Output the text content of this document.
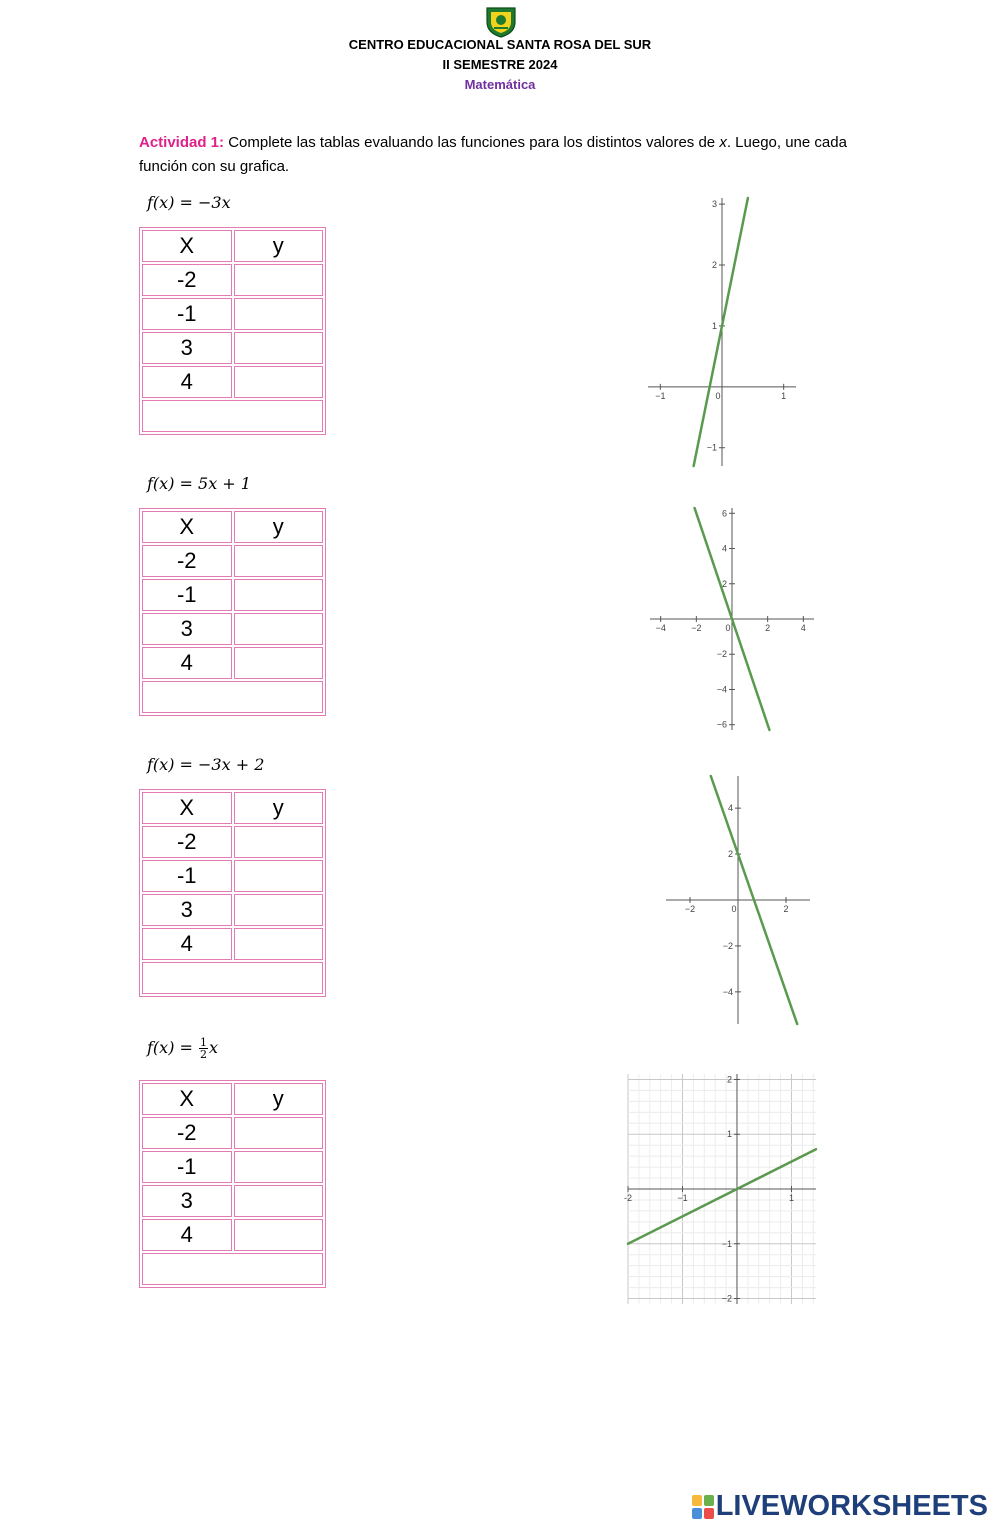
CENTRO EDUCACIONAL SANTA ROSA DEL SUR
II SEMESTRE 2024
Matemática
Actividad 1: Complete las tablas evaluando las funciones para los distintos valores de x. Luego, une cada función con su grafica.
f(x) = −3x
X	y
-2	
-1	
3	
4	

f(x) = 5x + 1
X	y
-2	
-1	
3	
4	

f(x) = −3x + 2
X	y
-2	
-1	
3	
4	

$f(x) = \frac{1}{2}$ x
X	y
-2	
-1	
3	
4	

−1	0	1
3
2
1
−1
−4	−2	0	2	4
6
4
2
−2
−4
−6
−2	0	2
4
2
−2
−4
-2	−1	1
2
1
−1
−2
LIVEWORKSHEETS
